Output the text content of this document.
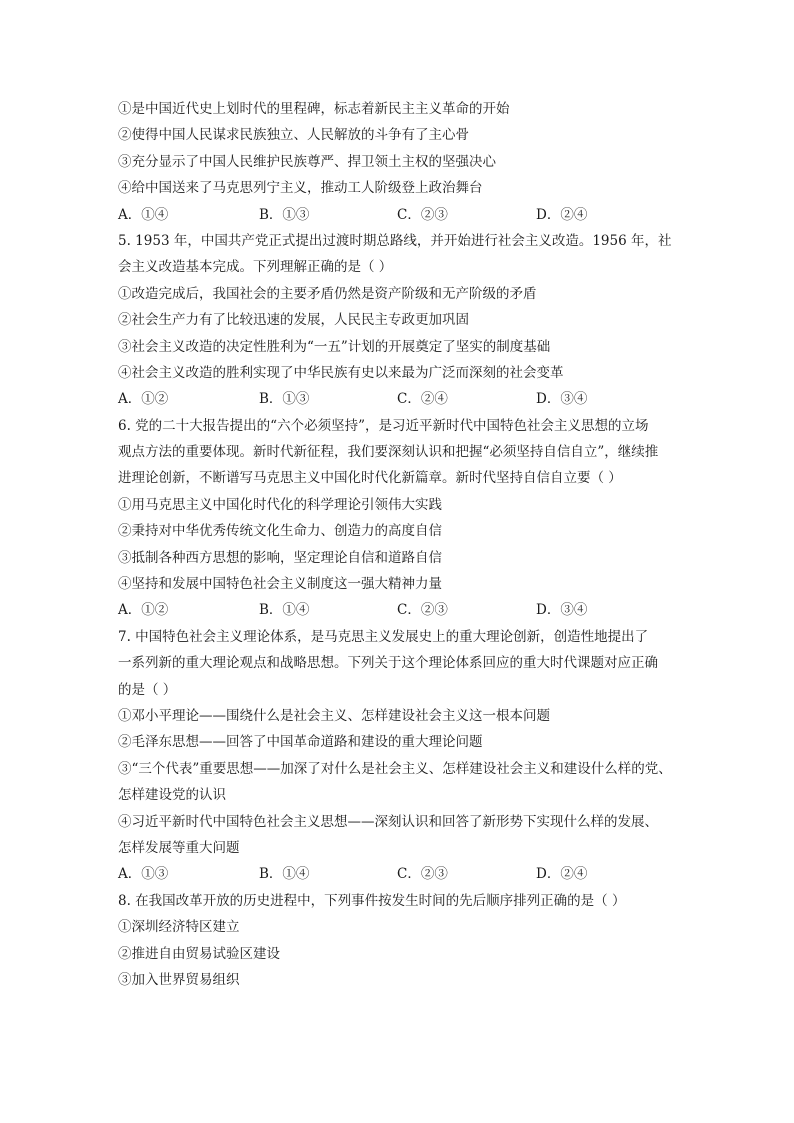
①是中国近代史上划时代的里程碑，标志着新民主主义革命的开始
②使得中国人民谋求民族独立、人民解放的斗争有了主心骨
③充分显示了中国人民维护民族尊严、捍卫领土主权的坚强决心
④给中国送来了马克思列宁主义，推动工人阶级登上政治舞台
A．①④	B．①③	C．②③	D．②④
5. 1953 年，中国共产党正式提出过渡时期总路线，并开始进行社会主义改造。1956 年，社
会主义改造基本完成。下列理解正确的是（ ）
①改造完成后，我国社会的主要矛盾仍然是资产阶级和无产阶级的矛盾
②社会生产力有了比较迅速的发展，人民民主专政更加巩固
③社会主义改造的决定性胜利为“一五”计划的开展奠定了坚实的制度基础
④社会主义改造的胜利实现了中华民族有史以来最为广泛而深刻的社会变革
A．①②	B．①③	C．②④	D．③④
6. 党的二十大报告提出的“六个必须坚持”，是习近平新时代中国特色社会主义思想的立场
观点方法的重要体现。新时代新征程，我们要深刻认识和把握“必须坚持自信自立”，继续推
进理论创新，不断谱写马克思主义中国化时代化新篇章。新时代坚持自信自立要（ ）
①用马克思主义中国化时代化的科学理论引领伟大实践
②秉持对中华优秀传统文化生命力、创造力的高度自信
③抵制各种西方思想的影响，坚定理论自信和道路自信
④坚持和发展中国特色社会主义制度这一强大精神力量
A．①②	B．①④	C．②③	D．③④
7. 中国特色社会主义理论体系，是马克思主义发展史上的重大理论创新，创造性地提出了
一系列新的重大理论观点和战略思想。下列关于这个理论体系回应的重大时代课题对应正确
的是（ ）
①邓小平理论——围绕什么是社会主义、怎样建设社会主义这一根本问题
②毛泽东思想——回答了中国革命道路和建设的重大理论问题
③“三个代表”重要思想——加深了对什么是社会主义、怎样建设社会主义和建设什么样的党、
怎样建设党的认识
④习近平新时代中国特色社会主义思想——深刻认识和回答了新形势下实现什么样的发展、
怎样发展等重大问题
A．①③	B．①④	C．②③	D．②④
8. 在我国改革开放的历史进程中，下列事件按发生时间的先后顺序排列正确的是（ ）
①深圳经济特区建立
②推进自由贸易试验区建设
③加入世界贸易组织
